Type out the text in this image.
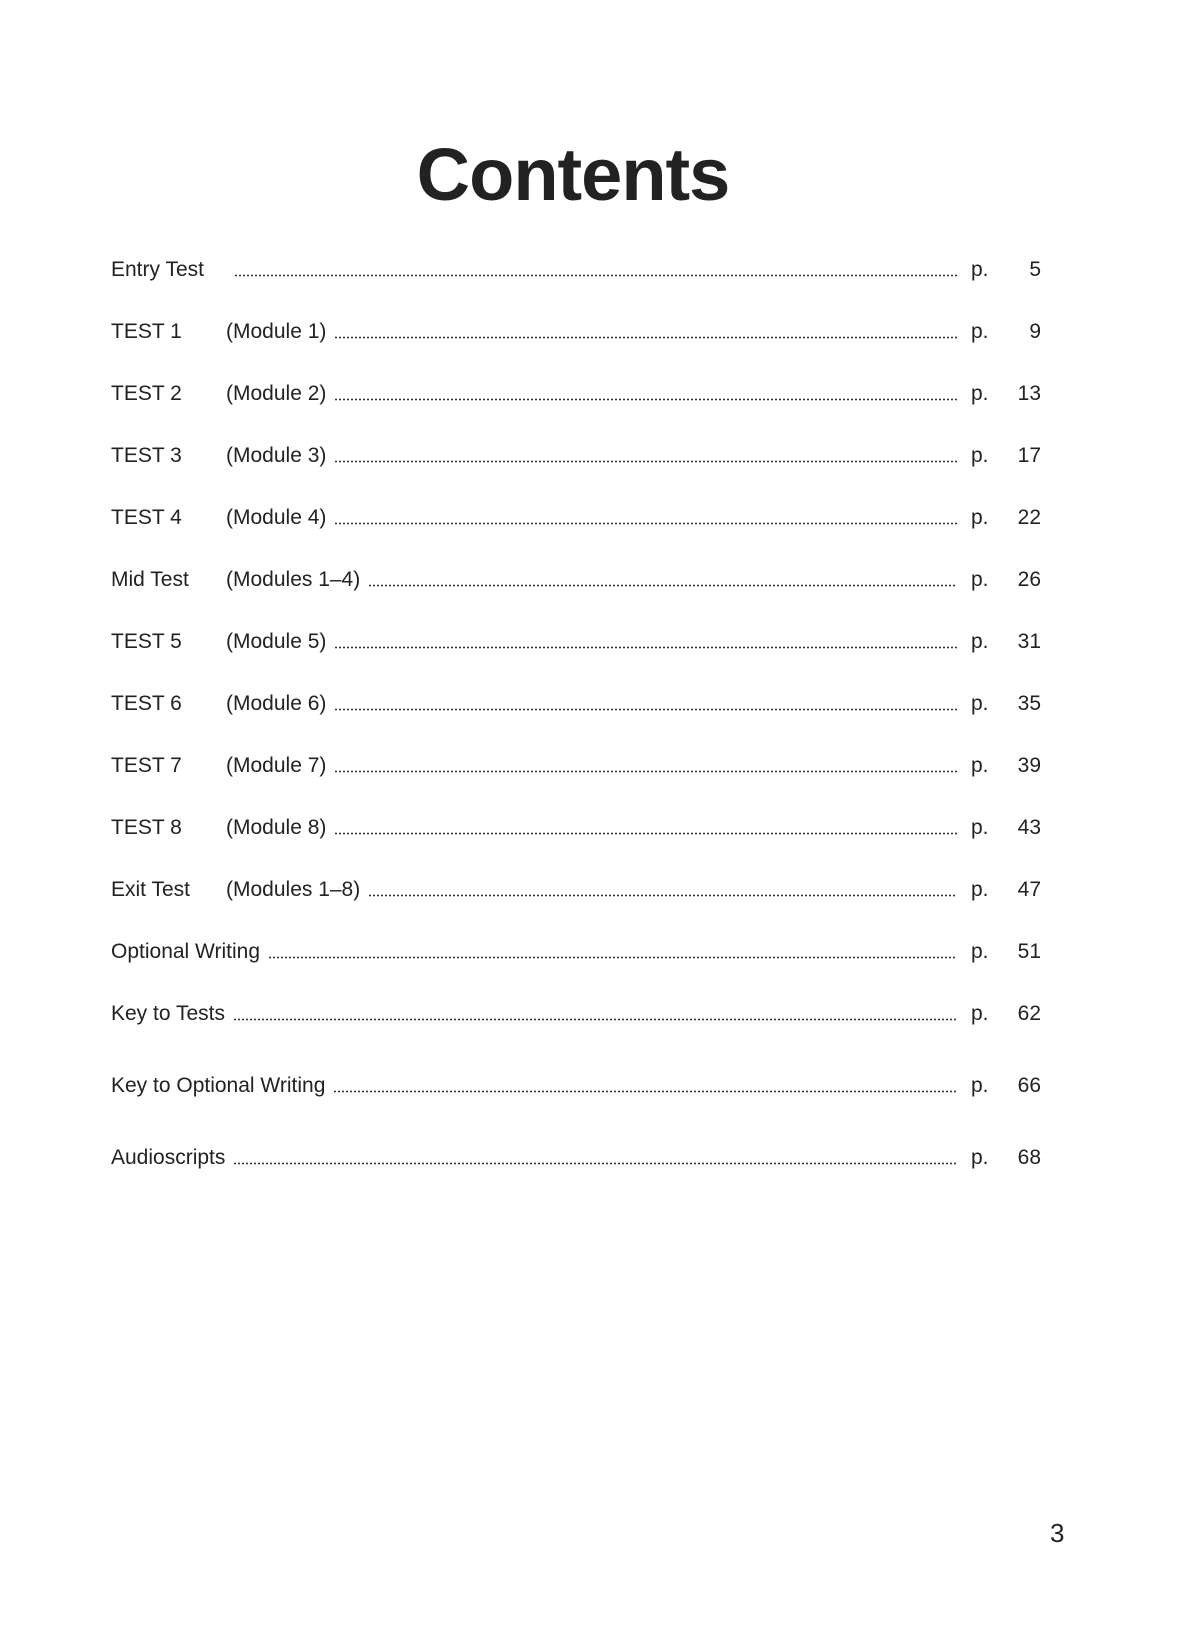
Contents
Entry Test	p.	5
TEST 1	(Module 1)	p.	9
TEST 2	(Module 2)	p.	13
TEST 3	(Module 3)	p.	17
TEST 4	(Module 4)	p.	22
Mid Test	(Modules 1–4)	p.	26
TEST 5	(Module 5)	p.	31
TEST 6	(Module 6)	p.	35
TEST 7	(Module 7)	p.	39
TEST 8	(Module 8)	p.	43
Exit Test	(Modules 1–8)	p.	47
Optional Writing	p.	51
Key to Tests	p.	62
Key to Optional Writing	p.	66
Audioscripts	p.	68
3
